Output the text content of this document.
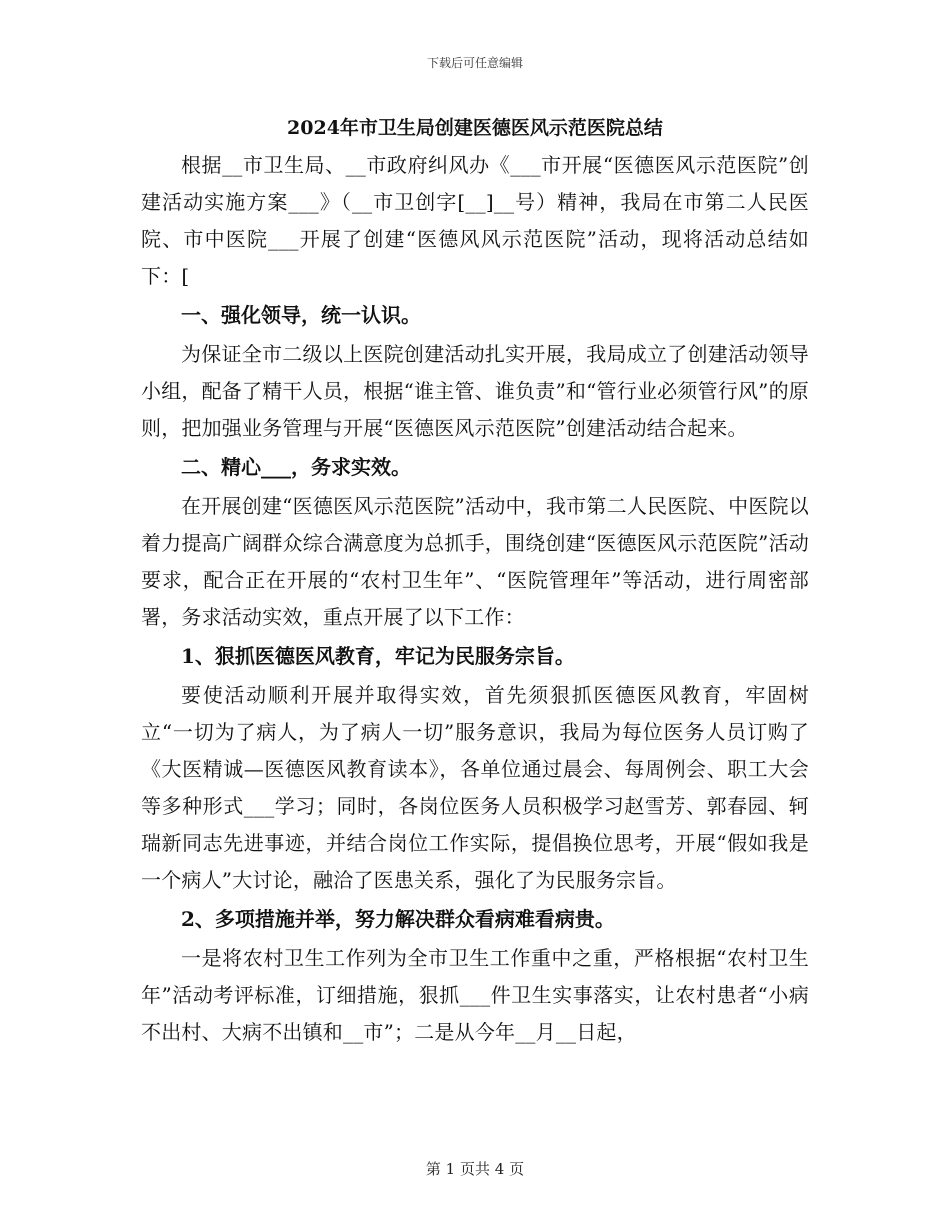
下载后可任意编辑
2024年市卫生局创建医德医风示范医院总结

根据__市卫生局、__市政府纠风办《___市开展“医德医风示范医院”创建活动实施方案___》（__市卫创字[__]__号）精神，我局在市第二人民医院、市中医院___开展了创建“医德风风示范医院”活动，现将活动总结如下：[

一、强化领导，统一认识。

为保证全市二级以上医院创建活动扎实开展，我局成立了创建活动领导小组，配备了精干人员，根据“谁主管、谁负责”和“管行业必须管行风”的原则，把加强业务管理与开展“医德医风示范医院”创建活动结合起来。

二、精心___，务求实效。

在开展创建“医德医风示范医院”活动中，我市第二人民医院、中医院以着力提高广阔群众综合满意度为总抓手，围绕创建“医德医风示范医院”活动要求，配合正在开展的“农村卫生年”、“医院管理年”等活动，进行周密部署，务求活动实效，重点开展了以下工作：

1、狠抓医德医风教育，牢记为民服务宗旨。

要使活动顺利开展并取得实效，首先须狠抓医德医风教育，牢固树立“一切为了病人，为了病人一切”服务意识，我局为每位医务人员订购了《大医精诚—医德医风教育读本》，各单位通过晨会、每周例会、职工大会等多种形式___学习；同时，各岗位医务人员积极学习赵雪芳、郭春园、轲瑞新同志先进事迹，并结合岗位工作实际，提倡换位思考，开展“假如我是一个病人”大讨论，融洽了医患关系，强化了为民服务宗旨。

2、多项措施并举，努力解决群众看病难看病贵。

一是将农村卫生工作列为全市卫生工作重中之重，严格根据“农村卫生年”活动考评标准，订细措施，狠抓___件卫生实事落实，让农村患者“小病不出村、大病不出镇和__市”；二是从今年__月__日起，

第 1 页共 4 页
